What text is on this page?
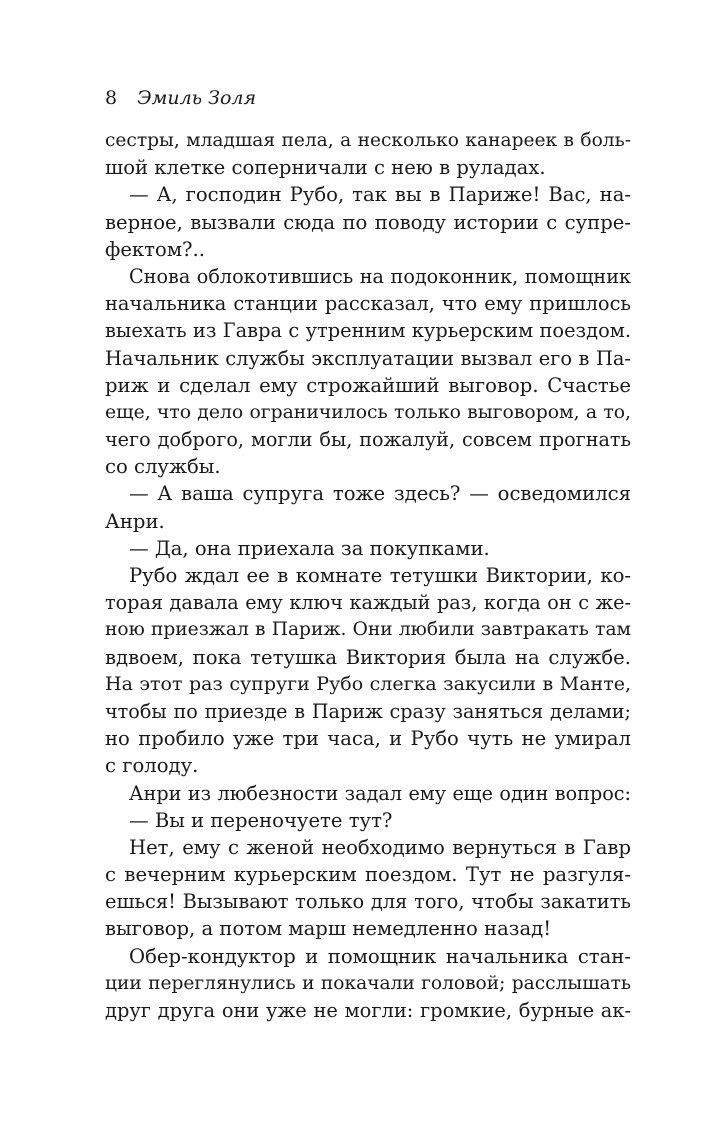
8 Эмиль Золя
сестры, младшая пела, а несколько канареек в боль-
шой клетке соперничали с нею в руладах.
— А, господин Рубо, так вы в Париже! Вас, на-
верное, вызвали сюда по поводу истории с супре-
фектом?..
Снова облокотившись на подоконник, помощник
начальника станции рассказал, что ему пришлось
выехать из Гавра с утренним курьерским поездом.
Начальник службы эксплуатации вызвал его в Па-
риж и сделал ему строжайший выговор. Счастье
еще, что дело ограничилось только выговором, а то,
чего доброго, могли бы, пожалуй, совсем прогнать
со службы.
— А ваша супруга тоже здесь? — осведомился
Анри.
— Да, она приехала за покупками.
Рубо ждал ее в комнате тетушки Виктории, ко-
торая давала ему ключ каждый раз, когда он с же-
ною приезжал в Париж. Они любили завтракать там
вдвоем, пока тетушка Виктория была на службе.
На этот раз супруги Рубо слегка закусили в Манте,
чтобы по приезде в Париж сразу заняться делами;
но пробило уже три часа, и Рубо чуть не умирал
с голоду.
Анри из любезности задал ему еще один вопрос:
— Вы и переночуете тут?
Нет, ему с женой необходимо вернуться в Гавр
с вечерним курьерским поездом. Тут не разгуля-
ешься! Вызывают только для того, чтобы закатить
выговор, а потом марш немедленно назад!
Обер-кондуктор и помощник начальника стан-
ции переглянулись и покачали головой; расслышать
друг друга они уже не могли: громкие, бурные ак-
